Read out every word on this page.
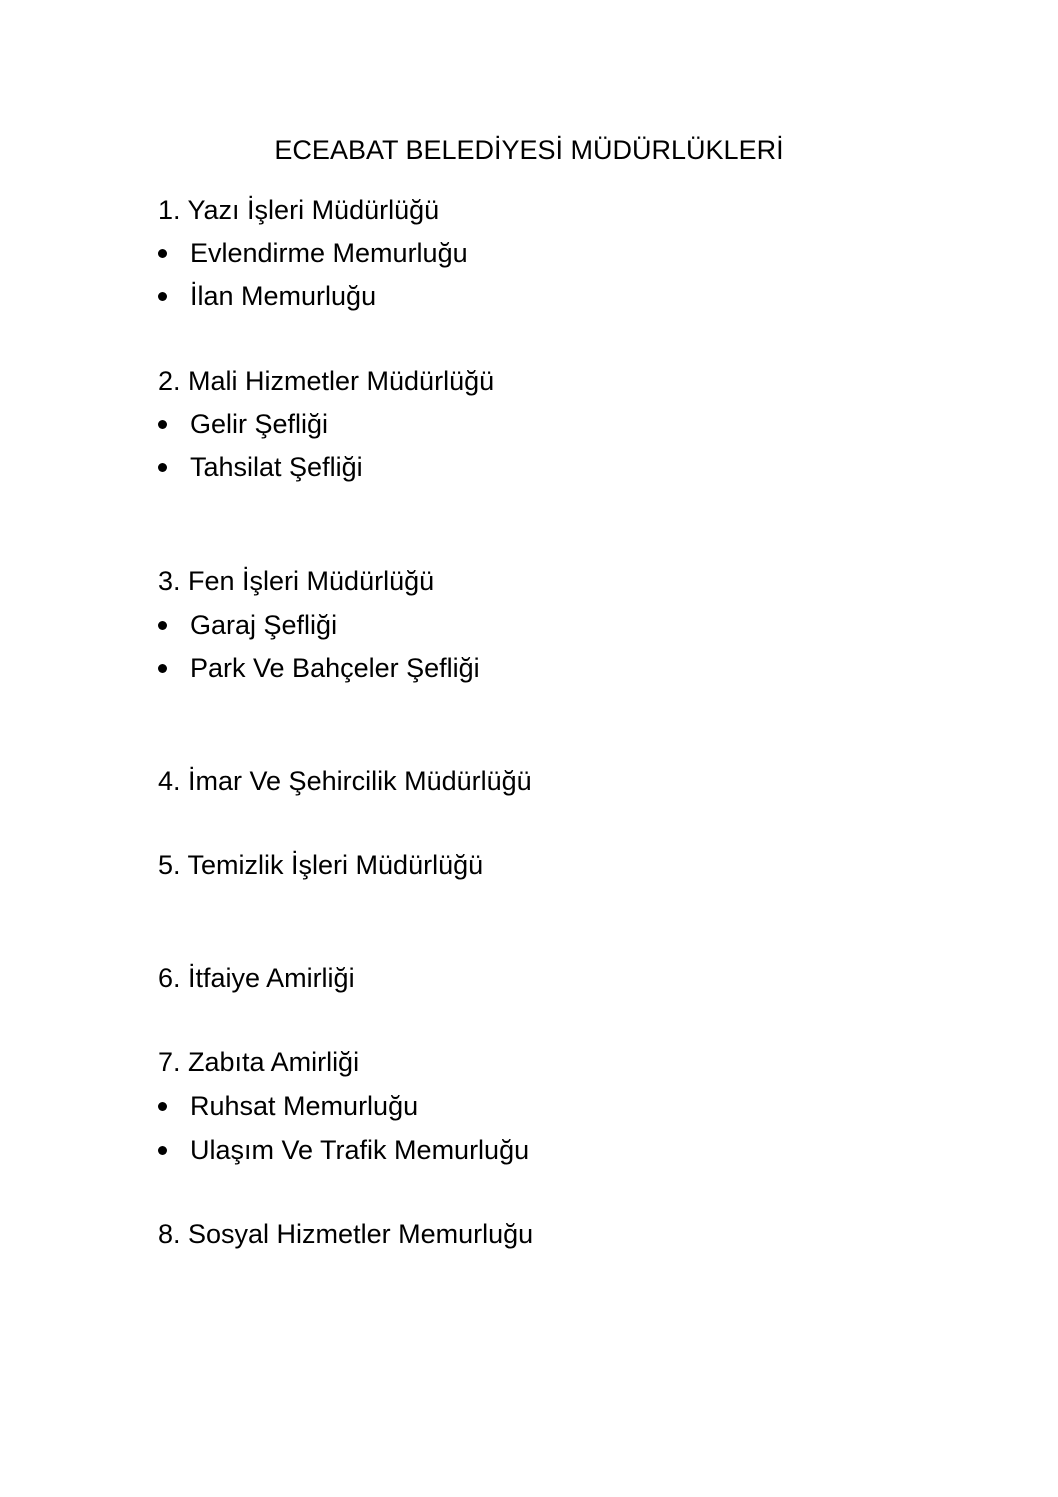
ECEABAT BELEDİYESİ MÜDÜRLÜKLERİ
1. Yazı İşleri Müdürlüğü
Evlendirme Memurluğu
İlan Memurluğu
2. Mali Hizmetler Müdürlüğü
Gelir Şefliği
Tahsilat Şefliği
3. Fen İşleri Müdürlüğü
Garaj Şefliği
Park Ve Bahçeler Şefliği
4. İmar Ve Şehircilik Müdürlüğü
5. Temizlik İşleri Müdürlüğü
6. İtfaiye Amirliği
7. Zabıta Amirliği
Ruhsat Memurluğu
Ulaşım Ve Trafik Memurluğu
8. Sosyal Hizmetler Memurluğu
